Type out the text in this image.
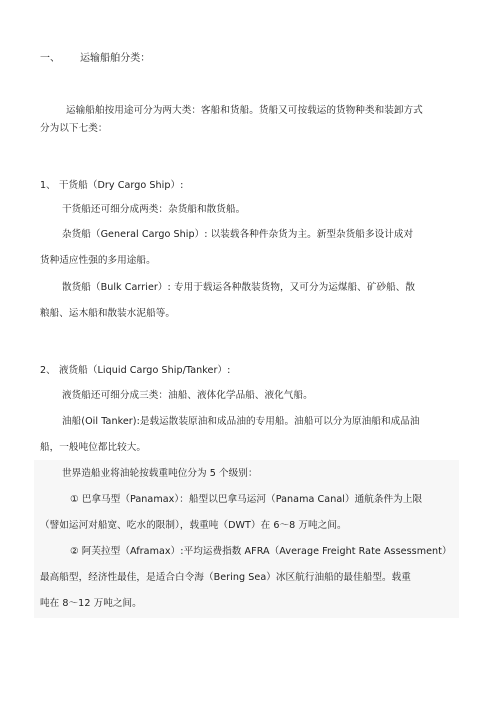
一、 运输船舶分类：
运输船舶按用途可分为两大类：客船和货船。货船又可按载运的货物种类和装卸方式
分为以下七类：
1、 干货船（Dry Cargo Ship）:
干货船还可细分成两类：杂货船和散货船。
杂货船（General Cargo Ship）: 以装载各种件杂货为主。新型杂货船多设计成对
货种适应性强的多用途船。
散货船（Bulk Carrier）: 专用于载运各种散装货物，又可分为运煤船、矿砂船、散
粮船、运木船和散装水泥船等。
2、 液货船（Liquid Cargo Ship/Tanker）:
液货船还可细分成三类：油船、液体化学品船、液化气船。
油船(Oil Tanker):是载运散装原油和成品油的专用船。油船可以分为原油船和成品油
船，一般吨位都比较大。
世界造船业将油轮按载重吨位分为 5 个级别：
① 巴拿马型（Panamax）：船型以巴拿马运河（Panama Canal）通航条件为上限
（譬如运河对船宽、吃水的限制），载重吨（DWT）在 6～8 万吨之间。
② 阿芙拉型（Aframax）:平均运费指数 AFRA（Average Freight Rate Assessment）
最高船型，经济性最佳，是适合白令海（Bering Sea）冰区航行油船的最佳船型。载重
吨在 8～12 万吨之间。
